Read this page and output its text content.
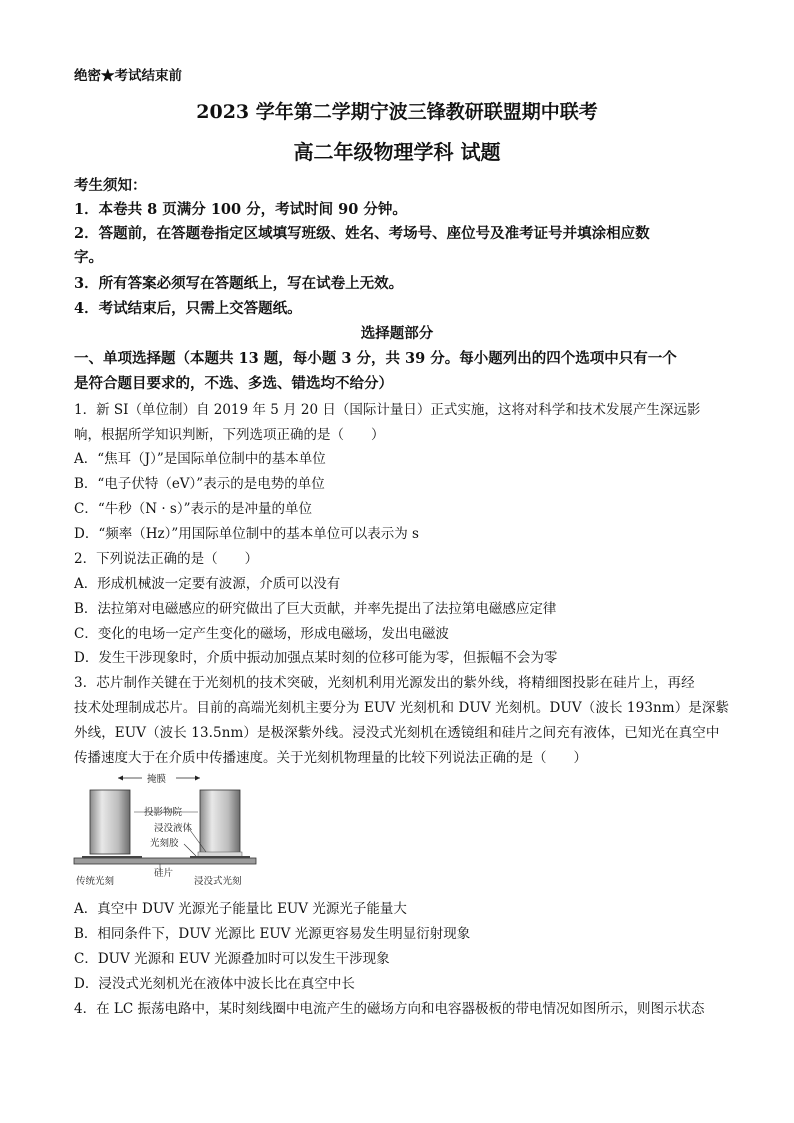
绝密★考试结束前
2023 学年第二学期宁波三锋教研联盟期中联考
高二年级物理学科 试题
考生须知：
1．本卷共 8 页满分 100 分，考试时间 90 分钟。
2．答题前，在答题卷指定区域填写班级、姓名、考场号、座位号及准考证号并填涂相应数
字。
3．所有答案必须写在答题纸上，写在试卷上无效。
4．考试结束后，只需上交答题纸。
选择题部分
一、单项选择题（本题共 13 题，每小题 3 分，共 39 分。每小题列出的四个选项中只有一个
是符合题目要求的，不选、多选、错选均不给分）
1．新 SI（单位制）自 2019 年 5 月 20 日（国际计量日）正式实施，这将对科学和技术发展产生深远影
响，根据所学知识判断，下列选项正确的是（　　）
A．“焦耳（J）”是国际单位制中的基本单位
B．“电子伏特（eV）”表示的是电势的单位
C．“牛秒（N · s）”表示的是冲量的单位
D．“频率（Hz）”用国际单位制中的基本单位可以表示为 s
2．下列说法正确的是（　　）
A．形成机械波一定要有波源，介质可以没有
B．法拉第对电磁感应的研究做出了巨大贡献，并率先提出了法拉第电磁感应定律
C．变化的电场一定产生变化的磁场，形成电磁场，发出电磁波
D．发生干涉现象时，介质中振动加强点某时刻的位移可能为零，但振幅不会为零
3．芯片制作关键在于光刻机的技术突破，光刻机利用光源发出的紫外线，将精细图投影在硅片上，再经
技术处理制成芯片。目前的高端光刻机主要分为 EUV 光刻机和 DUV 光刻机。DUV（波长 193nm）是深紫
外线，EUV（波长 13.5nm）是极深紫外线。浸没式光刻机在透镜组和硅片之间充有液体，已知光在真空中
传播速度大于在介质中传播速度。关于光刻机物理量的比较下列说法正确的是（　　）
掩膜
投影物院
浸没液体
光刻胶
硅片
传统光刻	浸没式光刻
A．真空中 DUV 光源光子能量比 EUV 光源光子能量大
B．相同条件下，DUV 光源比 EUV 光源更容易发生明显衍射现象
C．DUV 光源和 EUV 光源叠加时可以发生干涉现象
D．浸没式光刻机光在液体中波长比在真空中长
4．在 LC 振荡电路中，某时刻线圈中电流产生的磁场方向和电容器极板的带电情况如图所示，则图示状态
